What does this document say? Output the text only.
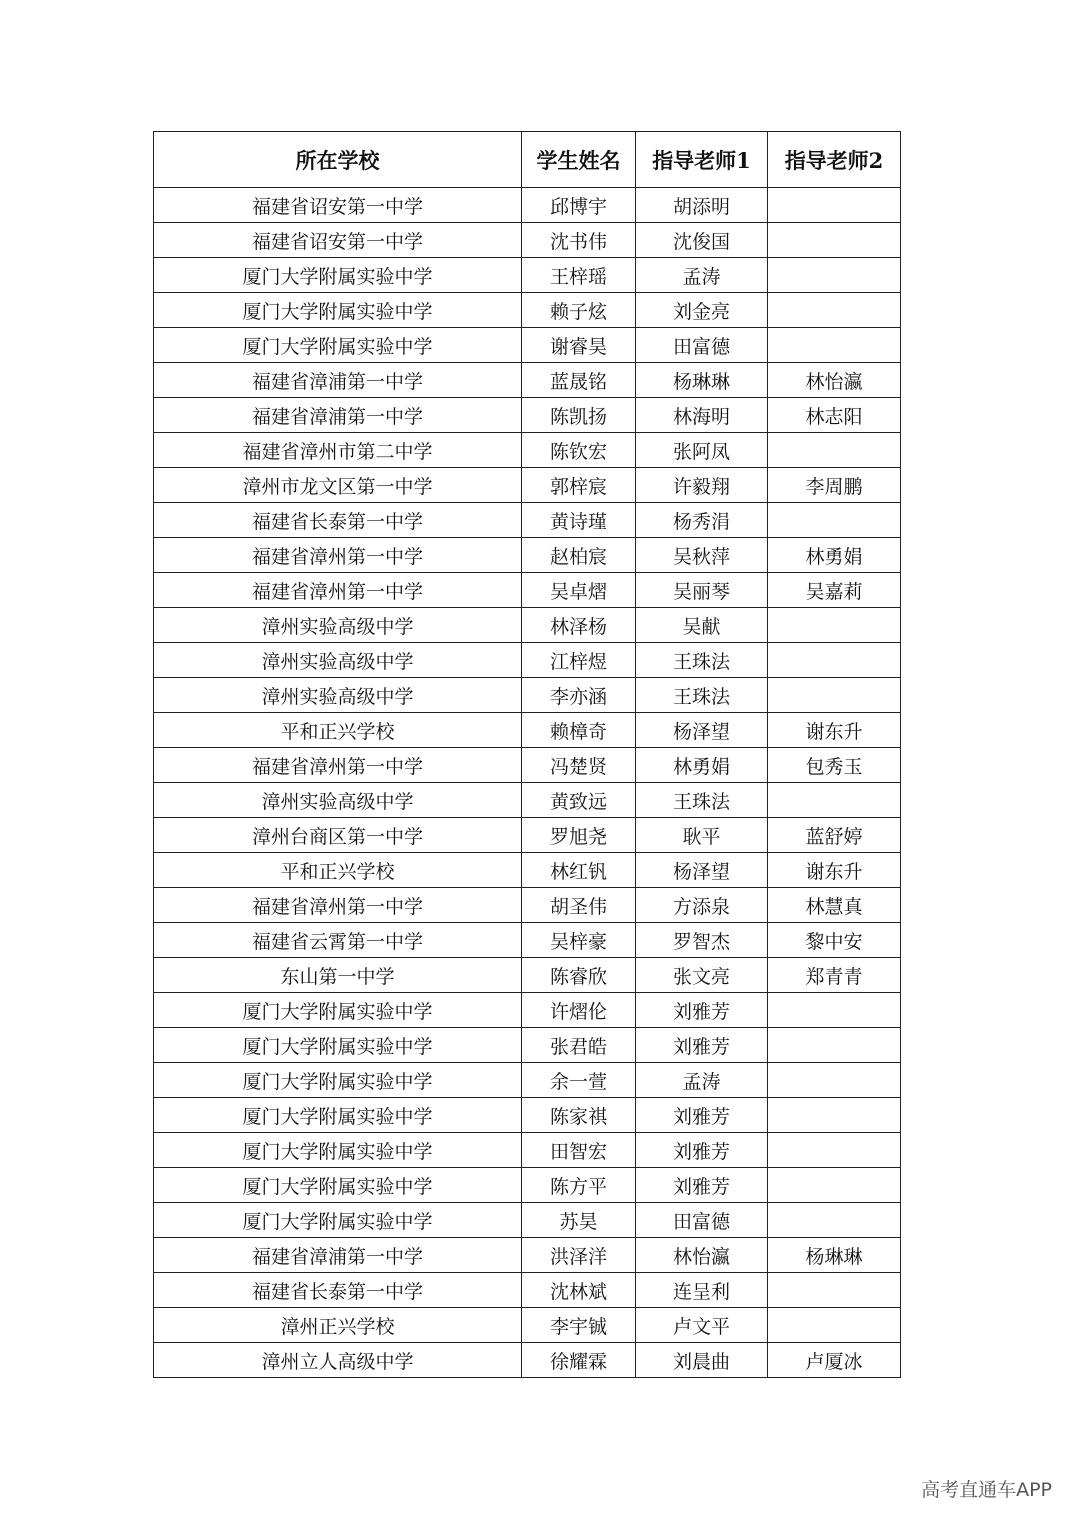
所在学校	学生姓名	指导老师1	指导老师2
福建省诏安第一中学	邱博宇	胡添明	
福建省诏安第一中学	沈书伟	沈俊国	
厦门大学附属实验中学	王梓瑶	孟涛	
厦门大学附属实验中学	赖子炫	刘金亮	
厦门大学附属实验中学	谢睿昊	田富德	
福建省漳浦第一中学	蓝晟铭	杨琳琳	林怡瀛
福建省漳浦第一中学	陈凯扬	林海明	林志阳
福建省漳州市第二中学	陈钦宏	张阿凤	
漳州市龙文区第一中学	郭梓宸	许毅翔	李周鹏
福建省长泰第一中学	黄诗瑾	杨秀涓	
福建省漳州第一中学	赵柏宸	吴秋萍	林勇娟
福建省漳州第一中学	吴卓熠	吴丽琴	吴嘉莉
漳州实验高级中学	林泽杨	吴献	
漳州实验高级中学	江梓煜	王珠法	
漳州实验高级中学	李亦涵	王珠法	
平和正兴学校	赖樟奇	杨泽望	谢东升
福建省漳州第一中学	冯楚贤	林勇娟	包秀玉
漳州实验高级中学	黄致远	王珠法	
漳州台商区第一中学	罗旭尧	耿平	蓝舒婷
平和正兴学校	林红钒	杨泽望	谢东升
福建省漳州第一中学	胡圣伟	方添泉	林慧真
福建省云霄第一中学	吴梓豪	罗智杰	黎中安
东山第一中学	陈睿欣	张文亮	郑青青
厦门大学附属实验中学	许熠伦	刘雅芳	
厦门大学附属实验中学	张君皓	刘雅芳	
厦门大学附属实验中学	余一萱	孟涛	
厦门大学附属实验中学	陈家祺	刘雅芳	
厦门大学附属实验中学	田智宏	刘雅芳	
厦门大学附属实验中学	陈方平	刘雅芳	
厦门大学附属实验中学	苏昊	田富德	
福建省漳浦第一中学	洪泽洋	林怡瀛	杨琳琳
福建省长泰第一中学	沈林斌	连呈利	
漳州正兴学校	李宇铖	卢文平	
漳州立人高级中学	徐耀霖	刘晨曲	卢厦冰
高考直通车APP
